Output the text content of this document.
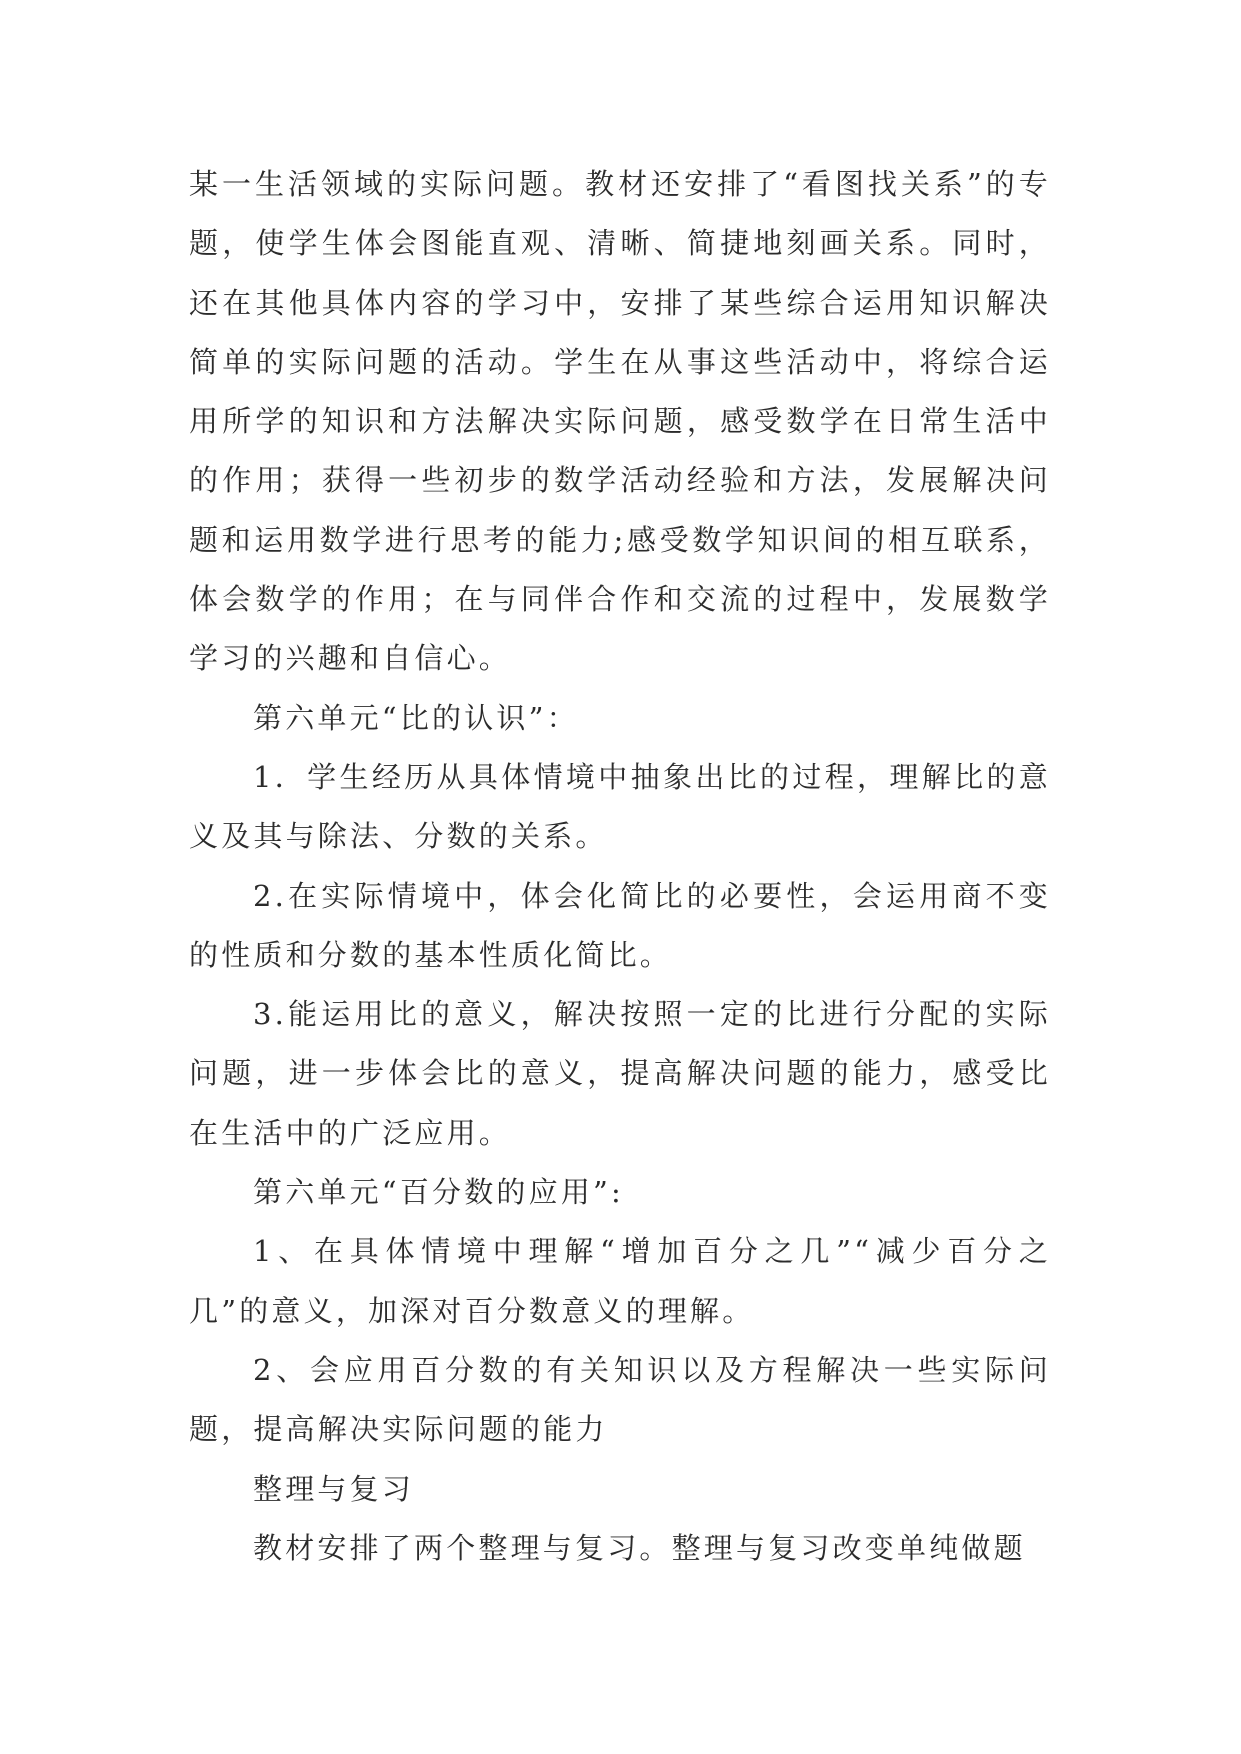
某一生活领域的实际问题。教材还安排了“看图找关系”的专题，使学生体会图能直观、清晰、简捷地刻画关系。同时，还在其他具体内容的学习中，安排了某些综合运用知识解决简单的实际问题的活动。学生在从事这些活动中，将综合运用所学的知识和方法解决实际问题，感受数学在日常生活中的作用；获得一些初步的数学活动经验和方法，发展解决问题和运用数学进行思考的能力;感受数学知识间的相互联系，体会数学的作用；在与同伴合作和交流的过程中，发展数学学习的兴趣和自信心。

第六单元“比的认识”：

1．学生经历从具体情境中抽象出比的过程，理解比的意义及其与除法、分数的关系。

2.在实际情境中，体会化简比的必要性，会运用商不变的性质和分数的基本性质化简比。

3.能运用比的意义，解决按照一定的比进行分配的实际问题，进一步体会比的意义，提高解决问题的能力，感受比在生活中的广泛应用。

第六单元“百分数的应用”:

1、在具体情境中理解“增加百分之几”“减少百分之几”的意义，加深对百分数意义的理解。

2、会应用百分数的有关知识以及方程解决一些实际问题，提高解决实际问题的能力

整理与复习

教材安排了两个整理与复习。整理与复习改变单纯做题
